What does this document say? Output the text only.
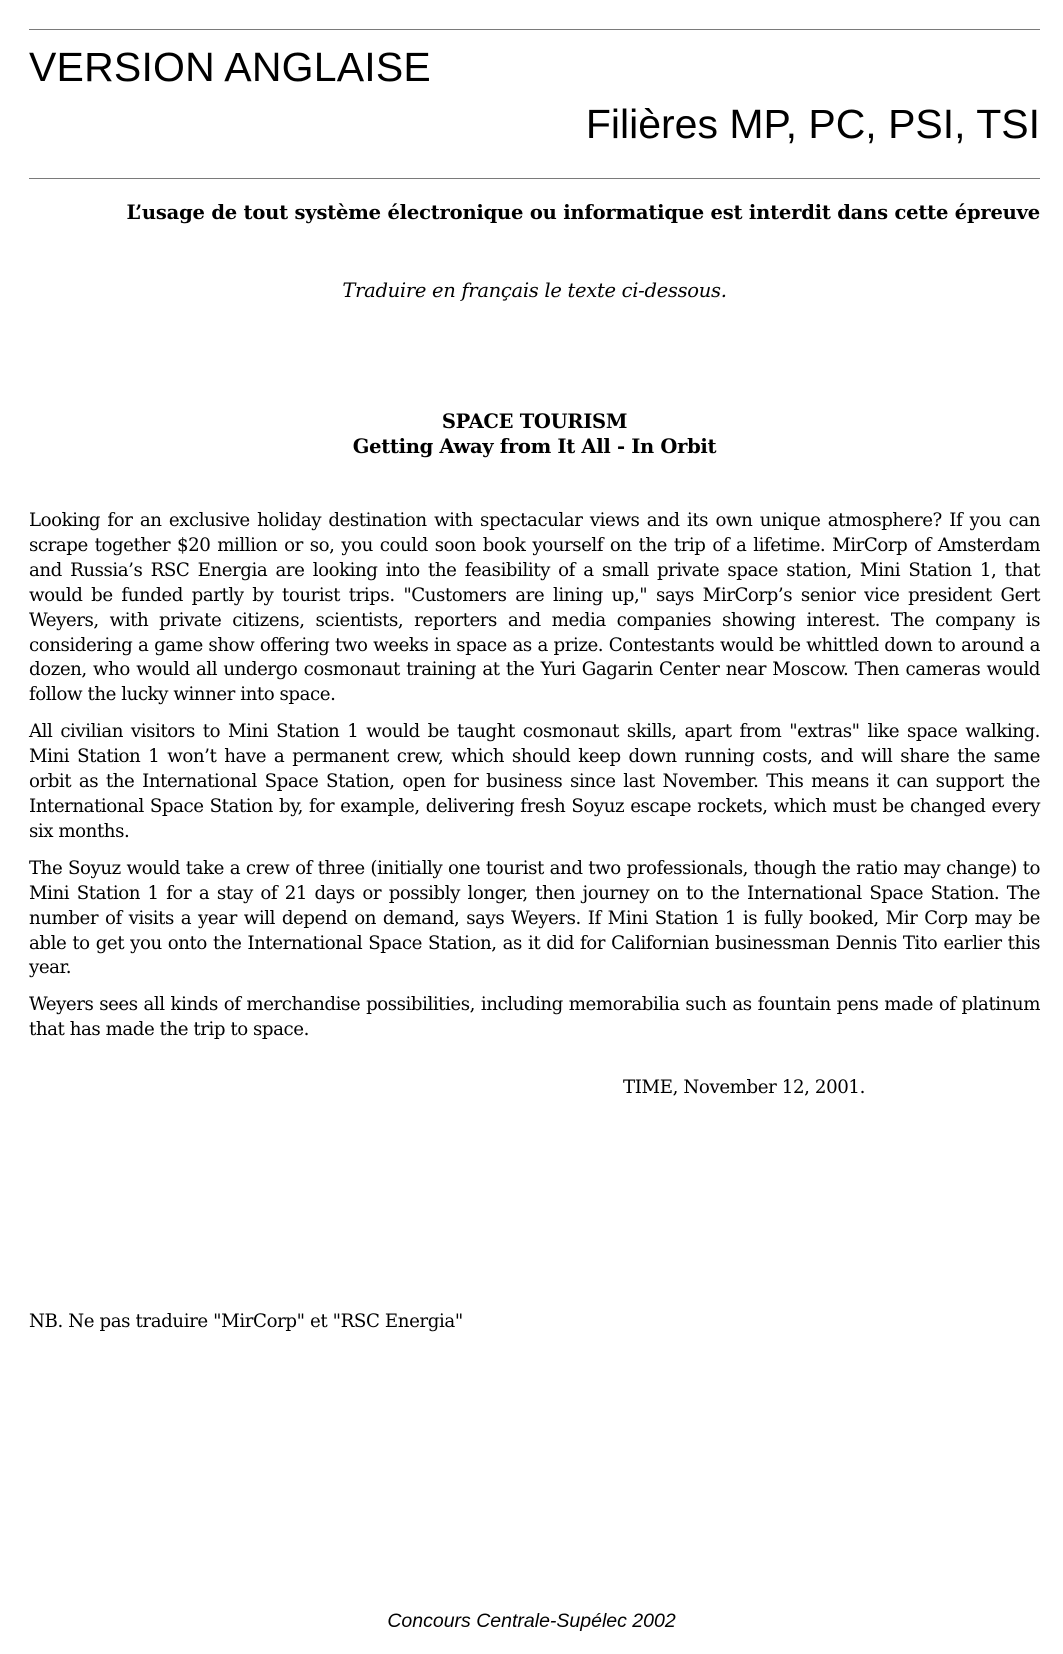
VERSION ANGLAISE
Filières MP, PC, PSI, TSI
L’usage de tout système électronique ou informatique est interdit dans cette épreuve
Traduire en français le texte ci-dessous.
SPACE TOURISM
Getting Away from It All - In Orbit

Looking for an exclusive holiday destination with spectacular views and its own unique atmosphere? If you can scrape together $20 million or so, you could soon book yourself on the trip of a lifetime. MirCorp of Amsterdam and Russia’s RSC Energia are looking into the feasibility of a small private space station, Mini Station 1, that would be funded partly by tourist trips. "Customers are lining up," says MirCorp’s senior vice president Gert Weyers, with private citizens, scientists, reporters and media companies showing interest. The company is considering a game show offering two weeks in space as a prize. Contestants would be whittled down to around a dozen, who would all undergo cosmonaut training at the Yuri Gagarin Center near Moscow. Then cameras would follow the lucky winner into space.

All civilian visitors to Mini Station 1 would be taught cosmonaut skills, apart from "extras" like space walking. Mini Station 1 won’t have a permanent crew, which should keep down running costs, and will share the same orbit as the International Space Station, open for business since last November. This means it can support the International Space Station by, for example, delivering fresh Soyuz escape rockets, which must be changed every six months.

The Soyuz would take a crew of three (initially one tourist and two professionals, though the ratio may change) to Mini Station 1 for a stay of 21 days or possibly longer, then journey on to the International Space Station. The number of visits a year will depend on demand, says Weyers. If Mini Station 1 is fully booked, Mir Corp may be able to get you onto the International Space Station, as it did for Californian businessman Dennis Tito earlier this year.

Weyers sees all kinds of merchandise possibilities, including memorabilia such as fountain pens made of platinum that has made the trip to space.

TIME, November 12, 2001.
NB. Ne pas traduire "MirCorp" et "RSC Energia"
Concours Centrale-Supélec 2002
